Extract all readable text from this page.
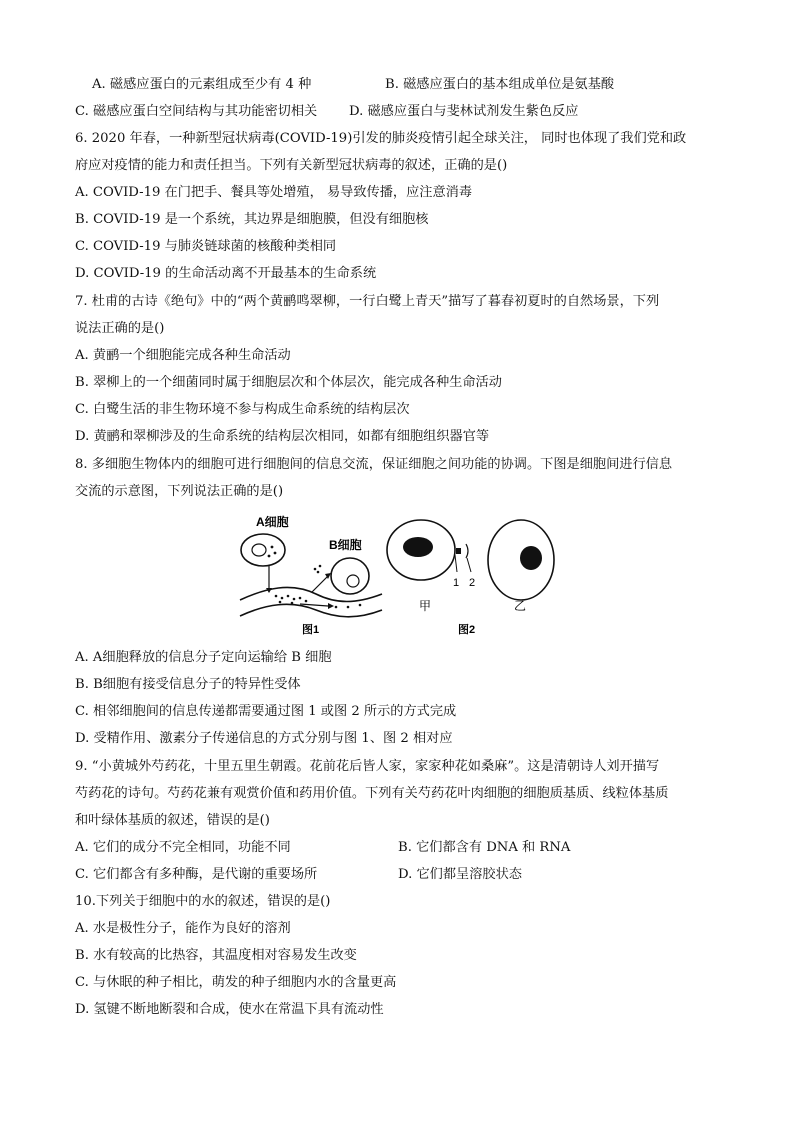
A. 磁感应蛋白的元素组成至少有 4 种	B. 磁感应蛋白的基本组成单位是氨基酸
C. 磁感应蛋白空间结构与其功能密切相关 D. 磁感应蛋白与斐林试剂发生紫色反应
6. 2020 年春，一种新型冠状病毒(COVID-19)引发的肺炎疫情引起全球关注， 同时也体现了我们党和政
府应对疫情的能力和责任担当。下列有关新型冠状病毒的叙述，正确的是()
A. COVID-19 在门把手、餐具等处增殖， 易导致传播，应注意消毒
B. COVID-19 是一个系统，其边界是细胞膜，但没有细胞核
C. COVID-19 与肺炎链球菌的核酸种类相同
D. COVID-19 的生命活动离不开最基本的生命系统
7. 杜甫的古诗《绝句》中的“两个黄鹂鸣翠柳，一行白鹭上青天”描写了暮春初夏时的自然场景，下列
说法正确的是()
A. 黄鹂一个细胞能完成各种生命活动
B. 翠柳上的一个细菌同时属于细胞层次和个体层次，能完成各种生命活动
C. 白鹭生活的非生物环境不参与构成生命系统的结构层次
D. 黄鹂和翠柳涉及的生命系统的结构层次相同，如都有细胞组织器官等
8. 多细胞生物体内的细胞可进行细胞间的信息交流，保证细胞之间功能的协调。下图是细胞间进行信息
交流的示意图，下列说法正确的是()
A细胞
B细胞
图1
1 2
甲	乙
图2
A. A细胞释放的信息分子定向运输给 B 细胞
B. B细胞有接受信息分子的特异性受体
C. 相邻细胞间的信息传递都需要通过图 1 或图 2 所示的方式完成
D. 受精作用、激素分子传递信息的方式分别与图 1、图 2 相对应
9. “小黄城外芍药花，十里五里生朝霞。花前花后皆人家，家家种花如桑麻”。这是清朝诗人刘开描写
芍药花的诗句。芍药花兼有观赏价值和药用价值。下列有关芍药花叶肉细胞的细胞质基质、线粒体基质
和叶绿体基质的叙述，错误的是()
A. 它们的成分不完全相同，功能不同	B. 它们都含有 DNA 和 RNA
C. 它们都含有多种酶，是代谢的重要场所	D. 它们都呈溶胶状态
10.下列关于细胞中的水的叙述，错误的是()
A. 水是极性分子，能作为良好的溶剂
B. 水有较高的比热容，其温度相对容易发生改变
C. 与休眠的种子相比，萌发的种子细胞内水的含量更高
D. 氢键不断地断裂和合成，使水在常温下具有流动性
